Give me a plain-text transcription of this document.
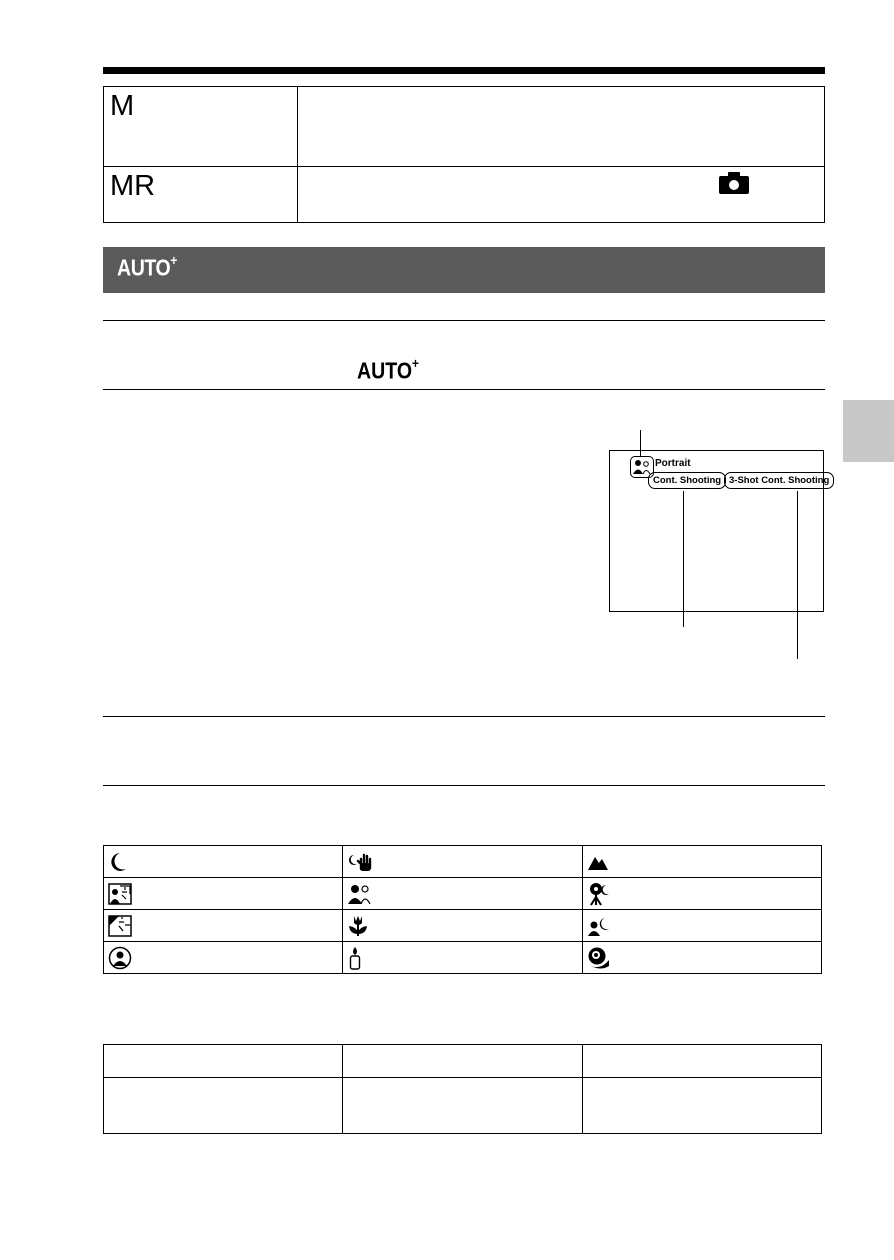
M	
MR	
AUTO+
AUTO+
Portrait
Cont. Shooting 3-Shot Cont. Shooting
